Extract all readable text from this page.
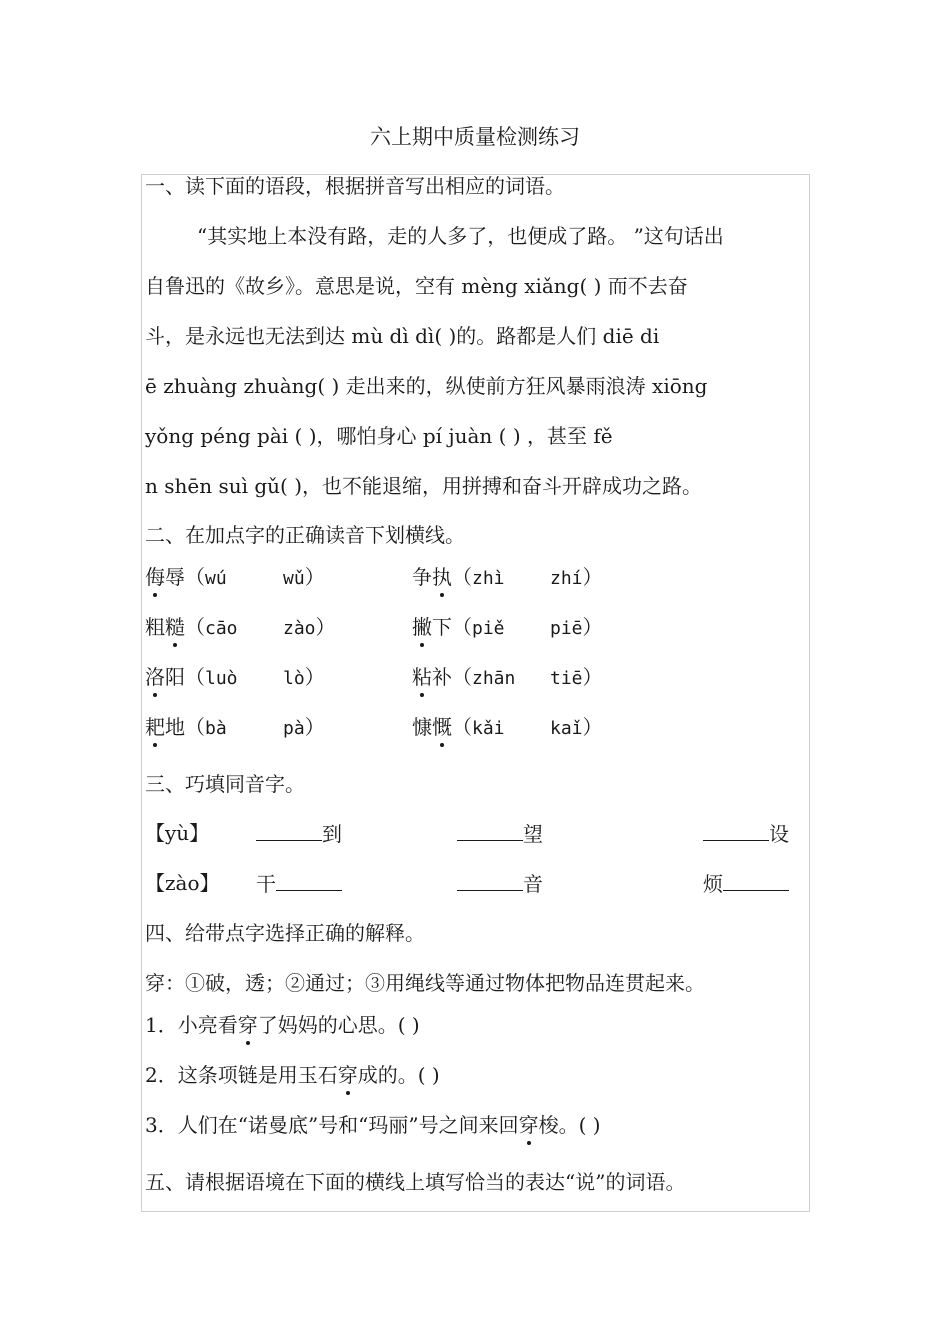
六上期中质量检测练习
一、读下面的语段，根据拼音写出相应的词语。
“其实地上本没有路，走的人多了，也便成了路。 ”这句话出
自鲁迅的《故乡》。意思是说，空有 mèng xiǎng( ) 而不去奋
斗，是永远也无法到达 mù dì dì( )的。路都是人们 diē di
ē zhuàng zhuàng( ) 走出来的，纵使前方狂风暴雨浪涛 xiōng
yǒng péng pài ( )，哪怕身心 pí juàn ( ) ，甚至 fě
n shēn suì gǔ( )，也不能退缩，用拼搏和奋斗开辟成功之路。
二、在加点字的正确读音下划横线。
侮辱（wú	wǔ）	争执（zhì	zhí）
粗糙（cāo	zào）	撇下（piě	piē）
洛阳（luò	lò）	粘补（zhān tiē）
耙地（bà	pà）	慷慨（kǎi	kaǐ）
三、巧填同音字。
【yù】	到	望	设
【zào】 干	音	烦
四、给带点字选择正确的解释。
穿：①破，透；②通过；③用绳线等通过物体把物品连贯起来。
1．小亮看穿了妈妈的心思。( )
2．这条项链是用玉石穿成的。( )
3．人们在“诺曼底”号和“玛丽”号之间来回穿梭。( )
五、请根据语境在下面的横线上填写恰当的表达“说”的词语。
